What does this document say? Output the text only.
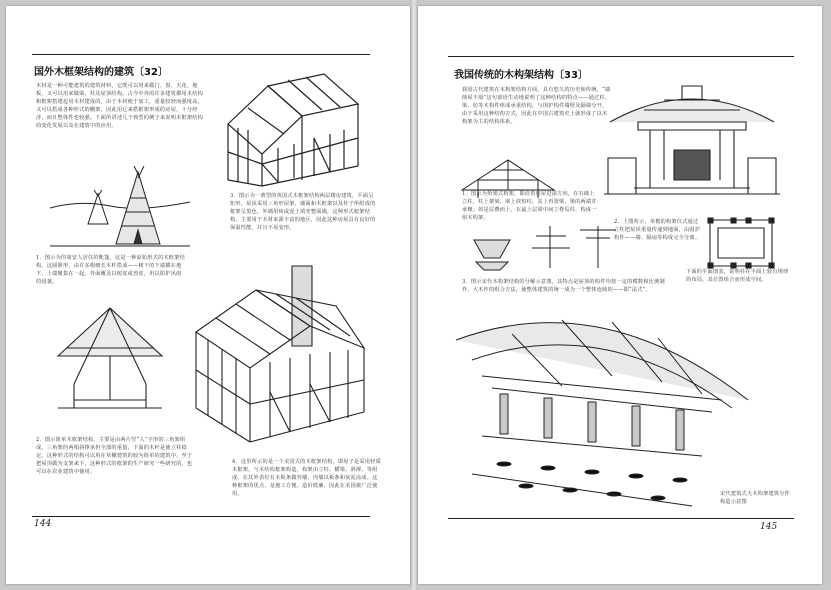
国外木框架结构的建筑〔32〕
木材是一种可能建筑的建筑材料，它既可以用来做门、窗、天花、地板，又可以用来做梁、柱及屋顶结构。古今中外的许多建筑都用木结构和框架搭建起用木材建成的。由于木材便于加工，重量较轻而强度高，又可以搭成各种形式的棚架，因此用它来搭框架形成的房屋，十分经济，而且整体性也较强。下面所讲述几个典型的例子来说明木框架结构的变化发展以及在建筑中的应用。
3．图示为一典型的英国式木框架结构两层楼房建筑，平面呈矩形，屋顶采用三角形屋架，墙面和木框架以及柱子所组成的框架呈黑色，外墙用砖或泥土填充整面墙，这种形式框架结构，主要用于木材来源丰富的地区，因此这种房屋具有良好的保温性能，并且不易变形。
1．图示为印第安人居住的帐篷，这是一种原始形式的木框架结构。这圆锥形，由许多根细长木杆搭成——树干的下端插在地下，上端聚集在一起，外面覆盖以树皮或兽皮，用以防护风雨的侵袭。
2．图示简单木框架结构，主要是由两片竖“人”字形的三角架组成，三角架的两根斜撑承担全部的重量，下面的木杆是使立柱稳定。这种形式的结构可以用在草棚建筑的较为简单的建筑中，至于把屋顶做为支架来下，这种形式的框架的生产研究一些研究的，也可以在农业建筑中使用。
4．这里所示的是一个美国式的木框架结构，即屋子是采用轻质木框架，与木结构框架构造，构架由立柱、横梁、斜撑、等组成，在其外表钉有木板条做外墙，内墙以板条和灰泥涂成。这种框架的优点，是施工方便，造价低廉，因此在美国被广泛使用。
144
我国传统的木构架结构〔33〕
我国古代建筑在木构架结构方面，具有悠久的历史和传统，“墙倒屋不塌”这句谚语生动地说明了这种结构的特点——通过柱、梁、枋等木构件组成承重结构，与围护构件墙壁及隔墙分开，由于采用这种结构方式，因此在中国古建筑史上就形成了以木构架为主的结构体系。
1．图示为抬梁式构架，即沿着房屋进深方向，在石础上立柱，柱上架梁，梁上放短柱，其上再置梁，梁的两端并承檩；如是层叠而上，在最上层梁中间立脊瓜柱，构成一组木构架。
2．上图所示，单檐的构架仪式通过立柱把屋顶重量传递到地面，由围护构件——墙、隔扇等构成完全分离。
3．图示宋代木构架结构的分解示意图，其特点是屋顶的构件均按一定的模数和比例制作，大木作的组合方法，使整体建筑的统一成为一个整体连续的——即“法式”。
下面的平面图表，说明柱在平面上较有规律的布局，其位置组合而形成空间。
宋代建筑式大木构架建筑分件构造示意图
145
